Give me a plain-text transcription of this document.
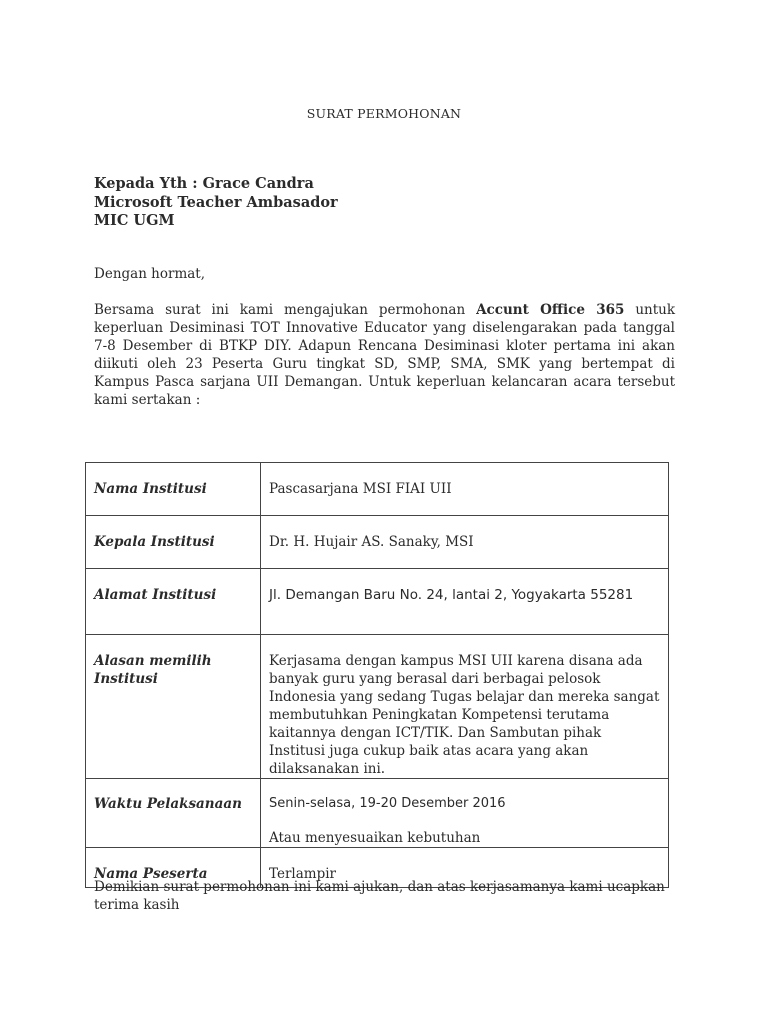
SURAT PERMOHONAN
Kepada Yth : Grace Candra
Microsoft Teacher Ambasador
MIC UGM
Dengan hormat,
Bersama surat ini kami mengajukan permohonan Accunt Office 365 untuk keperluan Desiminasi TOT Innovative Educator yang diselengarakan pada tanggal 7-8 Desember di BTKP DIY. Adapun Rencana Desiminasi kloter pertama ini akan diikuti oleh 23 Peserta Guru tingkat SD, SMP, SMA, SMK yang bertempat di Kampus Pasca sarjana UII Demangan. Untuk keperluan kelancaran acara tersebut kami sertakan :
Nama Institusi	Pascasarjana MSI FIAI UII
Kepala Institusi	Dr. H. Hujair AS. Sanaky, MSI
Alamat Institusi	Jl. Demangan Baru No. 24, lantai 2, Yogyakarta 55281
Alasan memilih Institusi	Kerjasama dengan kampus MSI UII karena disana ada banyak guru yang berasal dari berbagai pelosok Indonesia yang sedang Tugas belajar dan mereka sangat membutuhkan Peningkatan Kompetensi terutama kaitannya dengan ICT/TIK. Dan Sambutan pihak Institusi juga cukup baik atas acara yang akan dilaksanakan ini.
Waktu Pelaksanaan	Senin-selasa, 19-20 Desember 2016
Atau menyesuaikan kebutuhan

Nama Pseserta	Terlampir
Demikian surat permohonan ini kami ajukan, dan atas kerjasamanya kami ucapkan terima kasih
